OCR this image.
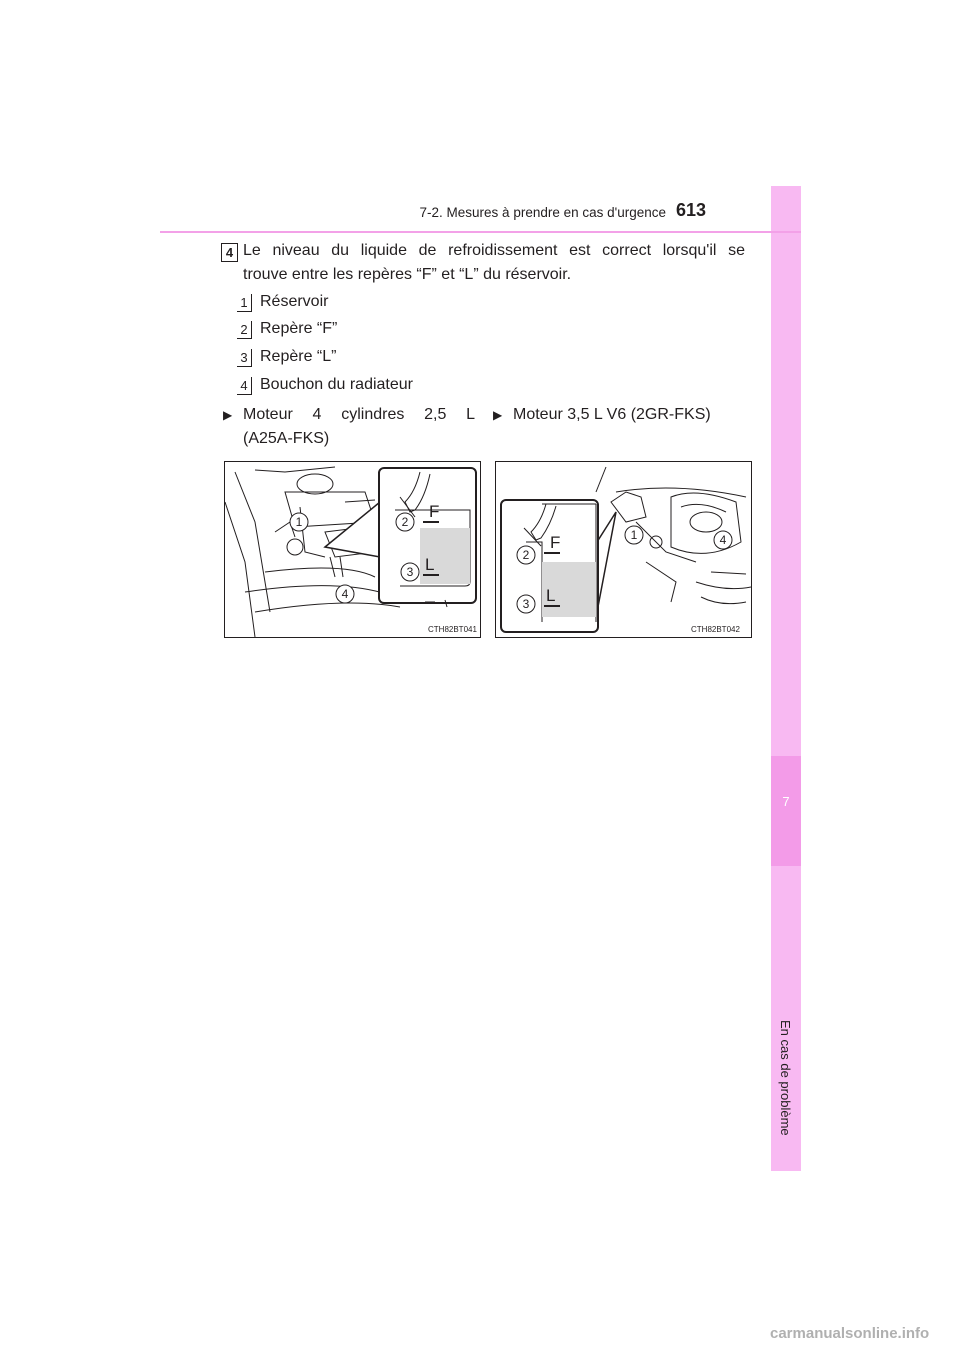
7
En cas de problème
7-2. Mesures à prendre en cas d'urgence 613
4 Le niveau du liquide de refroidissement est correct lorsqu'il se
trouve entre les repères “F” et “L” du réservoir.
1 Réservoir
2 Repère “F”
3 Repère “L”
4 Bouchon du radiateur
▶ Moteur 4 cylindres 2,5 L
(A25A-FKS)
▶ Moteur 3,5 L V6 (2GR-FKS)
1	2
3
4
F
L
CTH82BT041
1
2
3
4
F
L
CTH82BT042
carmanualsonline.info
